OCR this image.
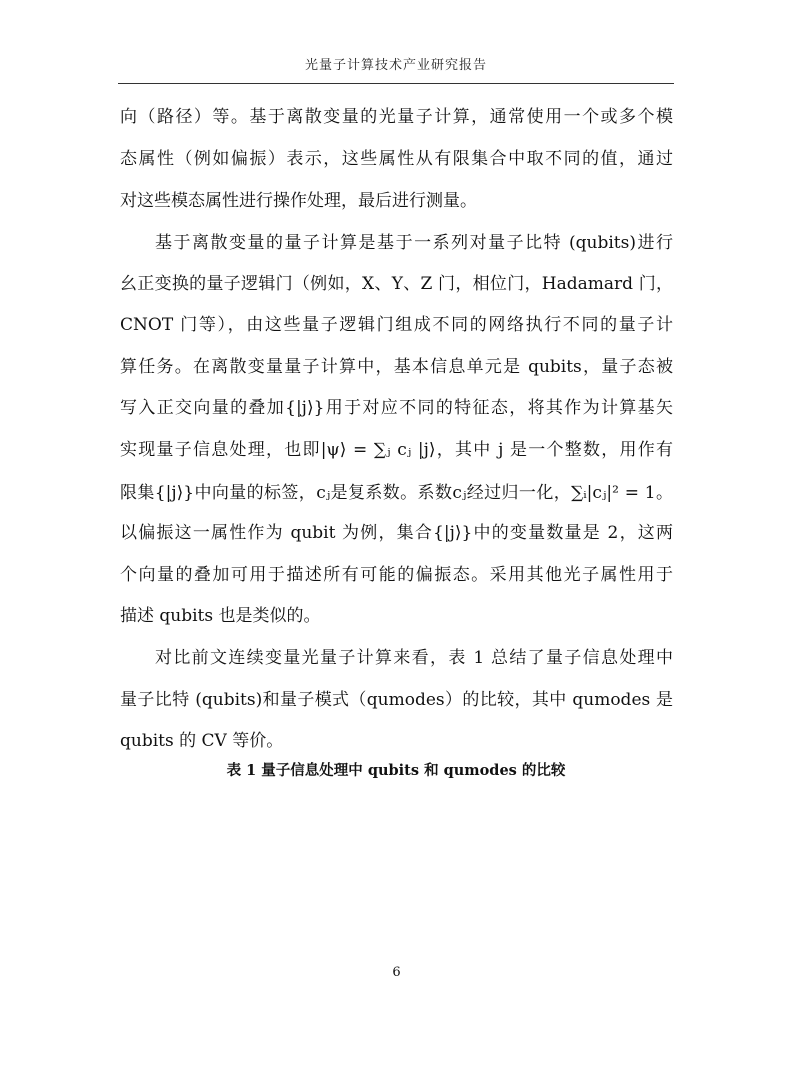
光量子计算技术产业研究报告
向（路径）等。基于离散变量的光量子计算，通常使用一个或多个模
态属性（例如偏振）表示，这些属性从有限集合中取不同的值，通过
对这些模态属性进行操作处理，最后进行测量。
基于离散变量的量子计算是基于一系列对量子比特 (qubits)进行
幺正变换的量子逻辑门（例如，X、Y、Z 门，相位门，Hadamard 门，
CNOT 门等），由这些量子逻辑门组成不同的网络执行不同的量子计
算任务。在离散变量量子计算中，基本信息单元是 qubits，量子态被
写入正交向量的叠加{|j⟩}用于对应不同的特征态，将其作为计算基矢
实现量子信息处理，也即|ψ⟩ = ∑ⱼ cⱼ |j⟩，其中 j 是一个整数，用作有
限集{|j⟩}中向量的标签，cⱼ是复系数。系数cⱼ经过归一化，∑ᵢ|cⱼ|² = 1。
以偏振这一属性作为 qubit 为例，集合{|j⟩}中的变量数量是 2，这两
个向量的叠加可用于描述所有可能的偏振态。采用其他光子属性用于
描述 qubits 也是类似的。
对比前文连续变量光量子计算来看，表 1 总结了量子信息处理中
量子比特 (qubits)和量子模式（qumodes）的比较，其中 qumodes 是
qubits 的 CV 等价。
表 1 量子信息处理中 qubits 和 qumodes 的比较
6
